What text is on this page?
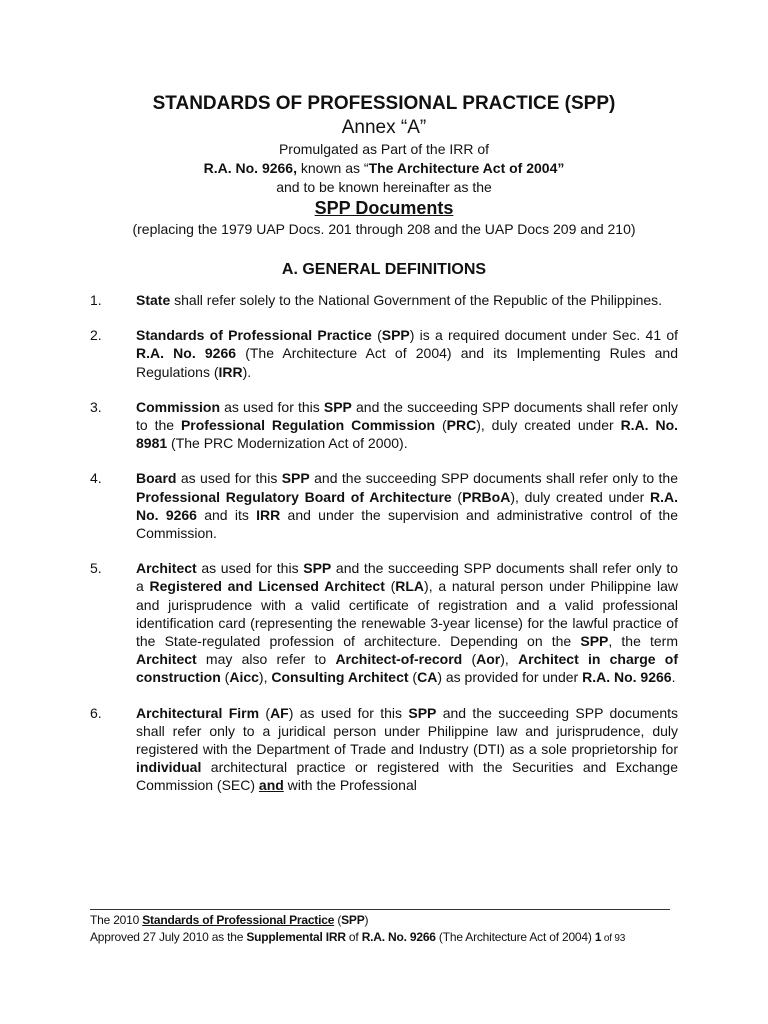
STANDARDS OF PROFESSIONAL PRACTICE (SPP)

Annex “A”

Promulgated as Part of the IRR of

R.A. No. 9266, known as “The Architecture Act of 2004”

and to be known hereinafter as the

SPP Documents

(replacing the 1979 UAP Docs. 201 through 208 and the UAP Docs 209 and 210)

A. GENERAL DEFINITIONS
1.	State shall refer solely to the National Government of the Republic of the Philippines.
2.	Standards of Professional Practice (SPP) is a required document under Sec. 41 of R.A. No. 9266 (The Architecture Act of 2004) and its Implementing Rules and Regulations (IRR).
3.	Commission as used for this SPP and the succeeding SPP documents shall refer only to the Professional Regulation Commission (PRC), duly created under R.A. No. 8981 (The PRC Modernization Act of 2000).
4.	Board as used for this SPP and the succeeding SPP documents shall refer only to the Professional Regulatory Board of Architecture (PRBoA), duly created under R.A. No. 9266 and its IRR and under the supervision and administrative control of the Commission.
5.	Architect as used for this SPP and the succeeding SPP documents shall refer only to a Registered and Licensed Architect (RLA), a natural person under Philippine law and jurisprudence with a valid certificate of registration and a valid professional identification card (representing the renewable 3-year license) for the lawful practice of the State-regulated profession of architecture. Depending on the SPP, the term Architect may also refer to Architect-of-record (Aor), Architect in charge of construction (Aicc), Consulting Architect (CA) as provided for under R.A. No. 9266.
6.	Architectural Firm (AF) as used for this SPP and the succeeding SPP documents shall refer only to a juridical person under Philippine law and jurisprudence, duly registered with the Department of Trade and Industry (DTI) as a sole proprietorship for individual architectural practice or registered with the Securities and Exchange Commission (SEC) and with the Professional

The 2010 Standards of Professional Practice (SPP)

Approved 27 July 2010 as the Supplemental IRR of R.A. No. 9266 (The Architecture Act of 2004) 1 of 93
